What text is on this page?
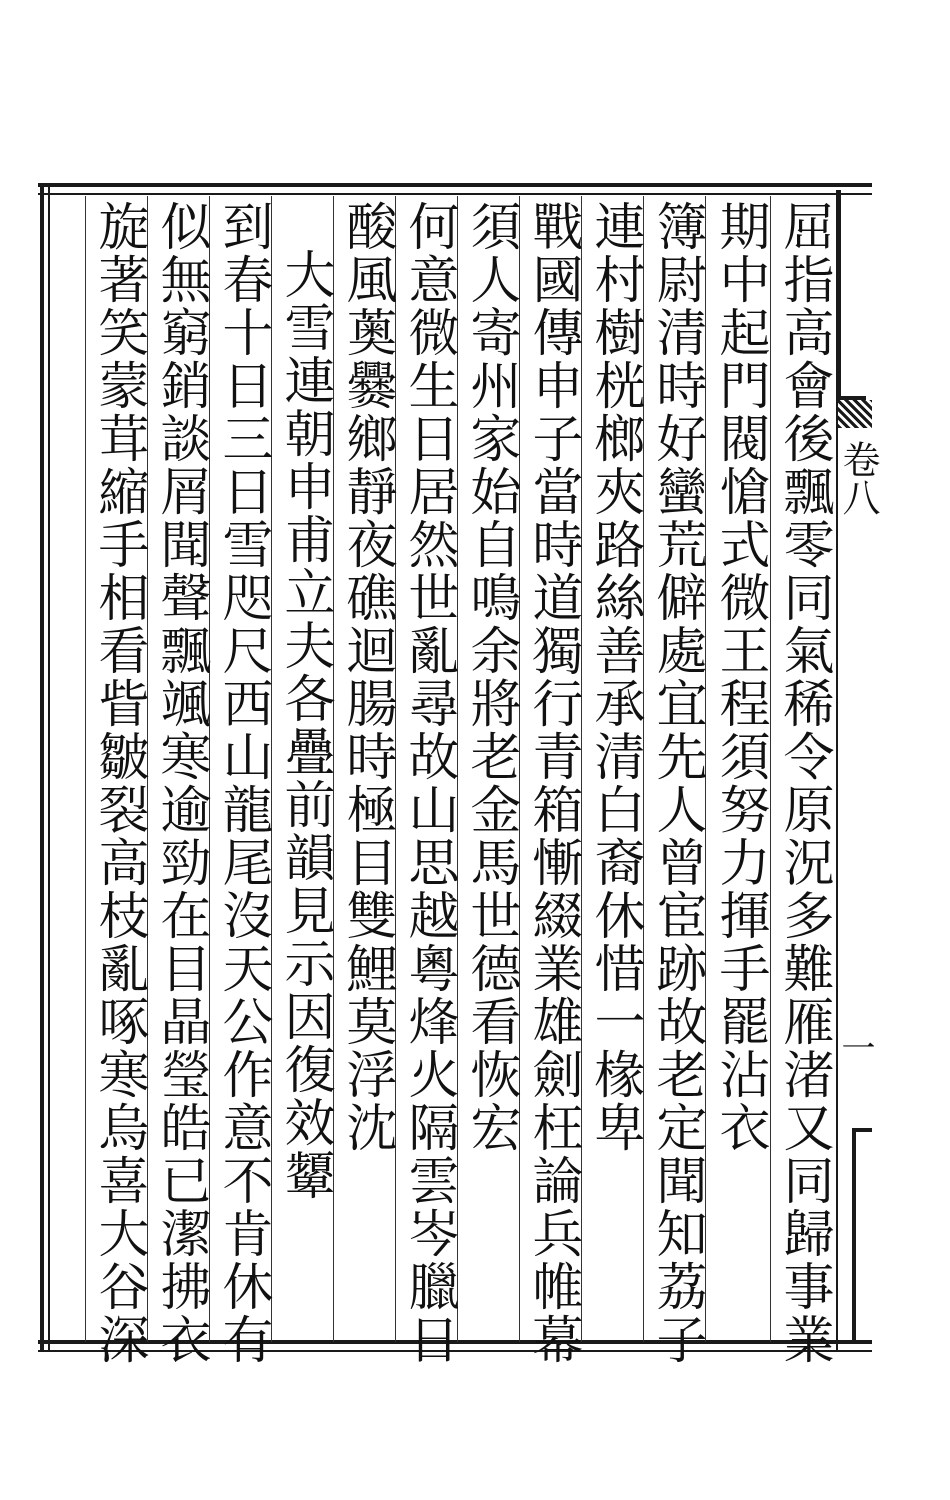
卷八
一
屈指高會後飄零同氣稀令原況多難雁渚又同歸事業
期中起門閥愴式微王程須努力揮手罷沾衣
簿尉清時好蠻荒僻處宜先人曾宦跡故老定聞知荔子
連村樹桄榔夾路絲善承清白裔休惜一椽卑
戰國傳申子當時道獨行青箱慚綴業雄劍枉論兵帷幕
須人寄州家始自鳴余將老金馬世德看恢宏
何意微生日居然世亂尋故山思越粵烽火隔雲岑臘日
酸風薁爨鄉靜夜礁迴腸時極目雙鯉莫浮沈
大雪連朝申甫立夫各疊前韻見示因復效顰
到春十日三日雪咫尺西山龍尾沒天公作意不肯休有
似無窮銷談屑聞聲飄颯寒逾勁在目晶瑩皓已潔拂衣
旋著笑蒙茸縮手相看眥皺裂高枝亂啄寒烏喜大谷深
